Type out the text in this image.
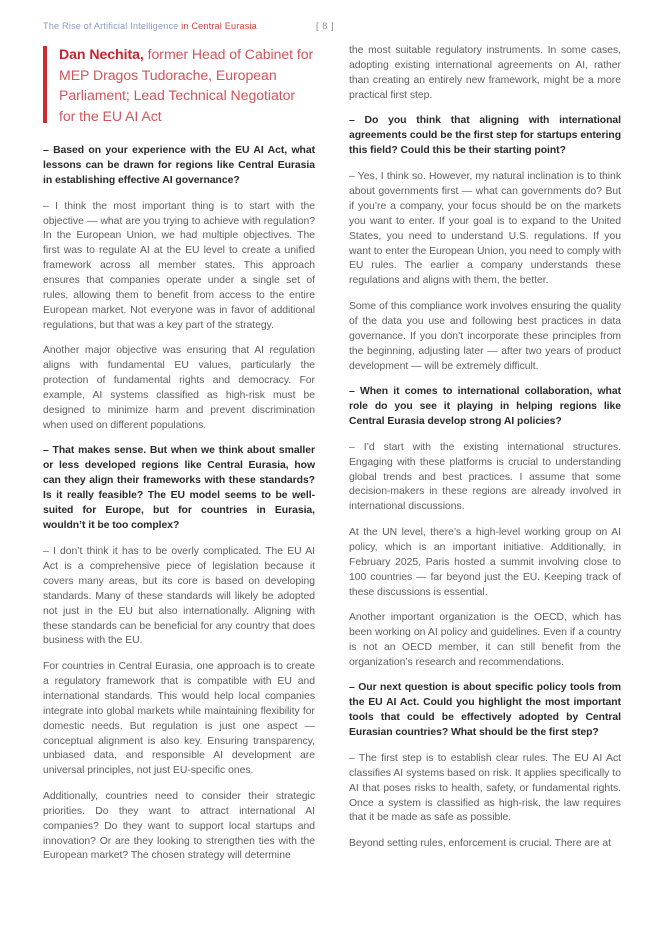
The Rise of Artificial Intelligence in Central Eurasia	[ 8 ]
Dan Nechita, former Head of Cabinet for MEP Dragos Tudorache, European Parliament; Lead Technical Negotiator for the EU AI Act

– Based on your experience with the EU AI Act, what lessons can be drawn for regions like Central Eurasia in establishing effective AI governance?

– I think the most important thing is to start with the objective — what are you trying to achieve with regulation? In the European Union, we had multiple objectives. The first was to regulate AI at the EU level to create a unified framework across all member states. This approach ensures that companies operate under a single set of rules, allowing them to benefit from access to the entire European market. Not everyone was in favor of additional regulations, but that was a key part of the strategy.

Another major objective was ensuring that AI regulation aligns with fundamental EU values, particularly the protection of fundamental rights and democracy. For example, AI systems classified as high-risk must be designed to minimize harm and prevent discrimination when used on different populations.

– That makes sense. But when we think about smaller or less developed regions like Central Eurasia, how can they align their frameworks with these standards? Is it really feasible? The EU model seems to be well-suited for Europe, but for countries in Eurasia, wouldn’t it be too complex?

– I don’t think it has to be overly complicated. The EU AI Act is a comprehensive piece of legislation because it covers many areas, but its core is based on developing standards. Many of these standards will likely be adopted not just in the EU but also internationally. Aligning with these standards can be beneficial for any country that does business with the EU.

For countries in Central Eurasia, one approach is to create a regulatory framework that is compatible with EU and international standards. This would help local companies integrate into global markets while maintaining flexibility for domestic needs. But regulation is just one aspect — conceptual alignment is also key. Ensuring transparency, unbiased data, and responsible AI development are universal principles, not just EU-specific ones.

Additionally, countries need to consider their strategic priorities. Do they want to attract international AI companies? Do they want to support local startups and innovation? Or are they looking to strengthen ties with the European market? The chosen strategy will determine

the most suitable regulatory instruments. In some cases, adopting existing international agreements on AI, rather than creating an entirely new framework, might be a more practical first step.

– Do you think that aligning with international agreements could be the first step for startups entering this field? Could this be their starting point?

– Yes, I think so. However, my natural inclination is to think about governments first — what can governments do? But if you’re a company, your focus should be on the markets you want to enter. If your goal is to expand to the United States, you need to understand U.S. regulations. If you want to enter the European Union, you need to comply with EU rules. The earlier a company understands these regulations and aligns with them, the better.

Some of this compliance work involves ensuring the quality of the data you use and following best practices in data governance. If you don’t incorporate these principles from the beginning, adjusting later — after two years of product development — will be extremely difficult.

– When it comes to international collaboration, what role do you see it playing in helping regions like Central Eurasia develop strong AI policies?

– I’d start with the existing international structures. Engaging with these platforms is crucial to understanding global trends and best practices. I assume that some decision-makers in these regions are already involved in international discussions.

At the UN level, there’s a high-level working group on AI policy, which is an important initiative. Additionally, in February 2025, Paris hosted a summit involving close to 100 countries — far beyond just the EU. Keeping track of these discussions is essential.

Another important organization is the OECD, which has been working on AI policy and guidelines. Even if a country is not an OECD member, it can still benefit from the organization’s research and recommendations.

– Our next question is about specific policy tools from the EU AI Act. Could you highlight the most important tools that could be effectively adopted by Central Eurasian countries? What should be the first step?

– The first step is to establish clear rules. The EU AI Act classifies AI systems based on risk. It applies specifically to AI that poses risks to health, safety, or fundamental rights. Once a system is classified as high-risk, the law requires that it be made as safe as possible.

Beyond setting rules, enforcement is crucial. There are at
